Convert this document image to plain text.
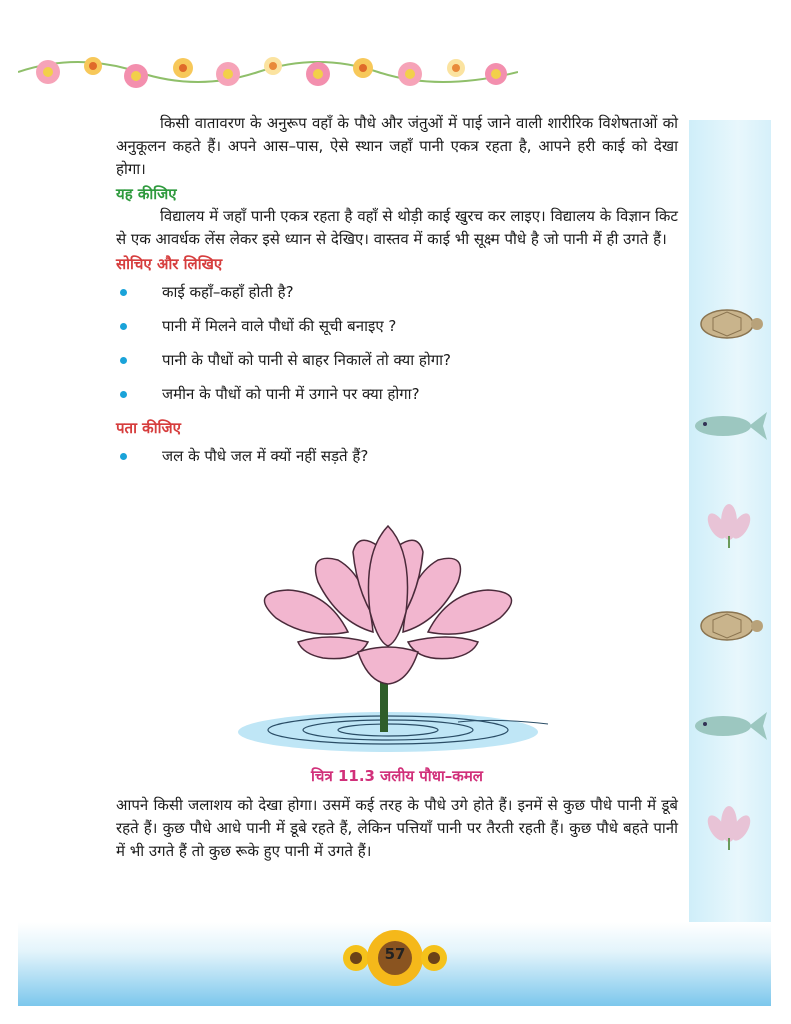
किसी वातावरण के अनुरूप वहाँ के पौधे और जंतुओं में पाई जाने वाली शारीरिक विशेषताओं को अनुकूलन कहते हैं। अपने आस–पास, ऐसे स्थान जहाँ पानी एकत्र रहता है, आपने हरी काई को देखा होगा।

यह कीजिए

विद्यालय में जहाँ पानी एकत्र रहता है वहाँ से थोड़ी काई खुरच कर लाइए। विद्यालय के विज्ञान किट से एक आवर्धक लेंस लेकर इसे ध्यान से देखिए। वास्तव में काई भी सूक्ष्म पौधे है जो पानी में ही उगते हैं।

सोचिए और लिखिए
काई कहाँ–कहाँ होती है?
पानी में मिलने वाले पौधों की सूची बनाइए ?
पानी के पौधों को पानी से बाहर निकालें तो क्या होगा?
जमीन के पौधों को पानी में उगाने पर क्या होगा?
पता कीजिए
जल के पौधे जल में क्यों नहीं सड़ते हैं?
चित्र 11.3 जलीय पौधा–कमल

आपने किसी जलाशय को देखा होगा। उसमें कई तरह के पौधे उगे होते हैं। इनमें से कुछ पौधे पानी में डूबे रहते हैं। कुछ पौधे आधे पानी में डूबे रहते हैं, लेकिन पत्तियाँ पानी पर तैरती रहती हैं। कुछ पौधे बहते पानी में भी उगते हैं तो कुछ रूके हुए पानी में उगते हैं।

57
